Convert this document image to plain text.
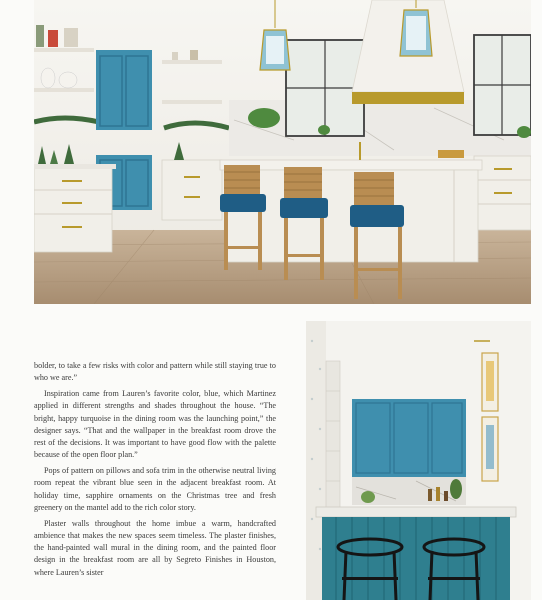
bolder, to take a few risks with color and pattern while still staying true to who we are.”

Inspiration came from Lauren’s favorite color, blue, which Martinez applied in different strengths and shades throughout the house. “The bright, happy turquoise in the dining room was the launching point,” the designer says. “That and the wallpaper in the breakfast room drove the rest of the decisions. It was important to have good flow with the palette because of the open floor plan.”

Pops of pattern on pillows and sofa trim in the otherwise neutral living room repeat the vibrant blue seen in the adjacent breakfast room. At holiday time, sapphire ornaments on the Christmas tree and fresh greenery on the mantel add to the rich color story.

Plaster walls throughout the home imbue a warm, handcrafted ambience that makes the new spaces seem timeless. The plaster finishes, the hand-painted wall mural in the dining room, and the painted floor design in the breakfast room are all by Segreto Finishes in Houston, where Lauren’s sister
